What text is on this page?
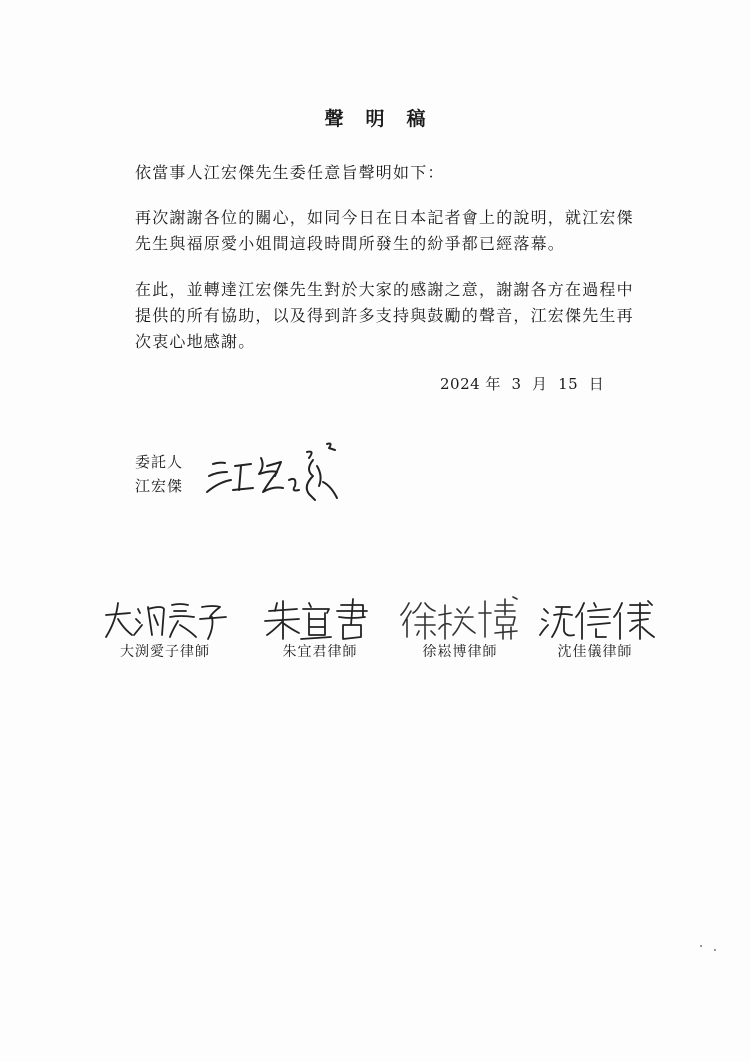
聲明稿
依當事人江宏傑先生委任意旨聲明如下：
再次謝謝各位的關心，如同今日在日本記者會上的說明，就江宏傑先生與福原愛小姐間這段時間所發生的紛爭都已經落幕。
在此，並轉達江宏傑先生對於大家的感謝之意，謝謝各方在過程中提供的所有協助，以及得到許多支持與鼓勵的聲音，江宏傑先生再次衷心地感謝。
2024 年  3  月  15  日
委託人
江宏傑
大渕愛子律師	朱宜君律師	徐崧博律師	沈佳儀律師
